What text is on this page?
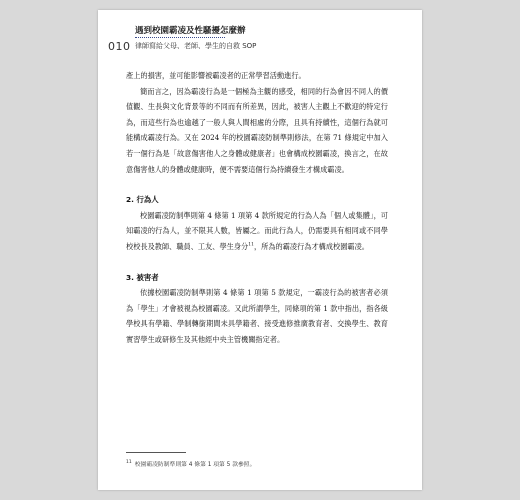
010
遇到校園霸凌及性騷擾怎麼辦
律師寫給父母、老師、學生的自救 SOP

產上的損害，並可能影響被霸凌者的正常學習活動進行。

簡而言之，因為霸凌行為是一個極為主觀的感受，相同的行為會因不同人的價值觀、生長與文化背景等的不同而有所差異，因此，被害人主觀上不歡迎的特定行為，而這些行為也逾越了一般人與人間相處的分際，且具有持續性，這個行為就可能構成霸凌行為。又在 2024 年的校園霸凌防制準則修法，在第 71 條規定中加入若一個行為是「故意傷害他人之身體或健康者」也會構成校園霸凌，換言之，在故意傷害他人的身體或健康時，便不需要這個行為持續發生才構成霸凌。

2. 行為人

校園霸凌防制準則第 4 條第 1 項第 4 款所規定的行為人為「個人或集體」，可知霸凌的行為人，並不限其人數，皆屬之。而此行為人，仍需要具有相同或不同學校校長及教師、職員、工友、學生身分$^{11}$，所為的霸凌行為才構成校園霸凌。

3. 被害者

依據校園霸凌防制準則第 4 條第 1 項第 5 款規定，一霸凌行為的被害者必須為「學生」才會被視為校園霸凌。又此所謂學生，同條項的第 1 款中指出，指各級學校具有學籍、學制轉銜期間未具學籍者、接受進修推廣教育者、交換學生、教育實習學生或研修生及其他經中央主管機關指定者。

$^{11}$ 校園霸凌防制準則第 4 條第 1 項第 5 款參照。
